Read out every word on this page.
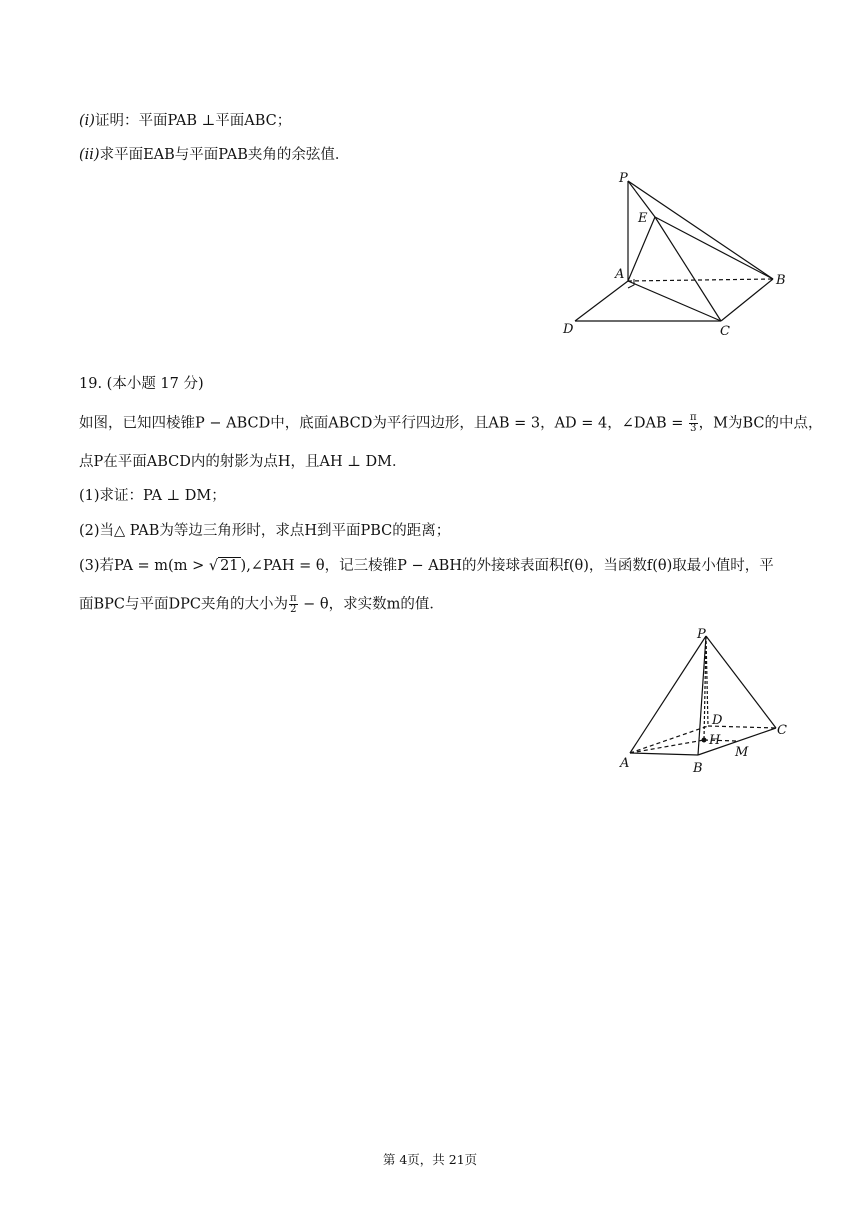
(i)证明：平面PAB ⊥平面ABC；
(ii)求平面EAB与平面PAB夹角的余弦值．
P
E
A	B
D	C
19. (本小题 17 分)
如图，已知四棱锥P − ABCD中，底面ABCD为平行四边形，且AB = 3，AD = 4，∠DAB = $\frac{\pi}{3}$ ，M为BC的中点，
点P在平面ABCD内的射影为点H，且AH ⊥ DM．
(1)求证：PA ⊥ DM；
(2)当△ PAB为等边三角形时，求点H到平面PBC的距离；
(3)若PA = m(m > √ 21 ),∠PAH = θ，记三棱锥P − ABH的外接球表面积f(θ)，当函数f(θ)取最小值时，平
面BPC与平面DPC夹角的大小为 $\frac{\pi}{2} - \theta$，求实数m的值．
P
D
C
H
M
A	B
第 4页，共 21页
